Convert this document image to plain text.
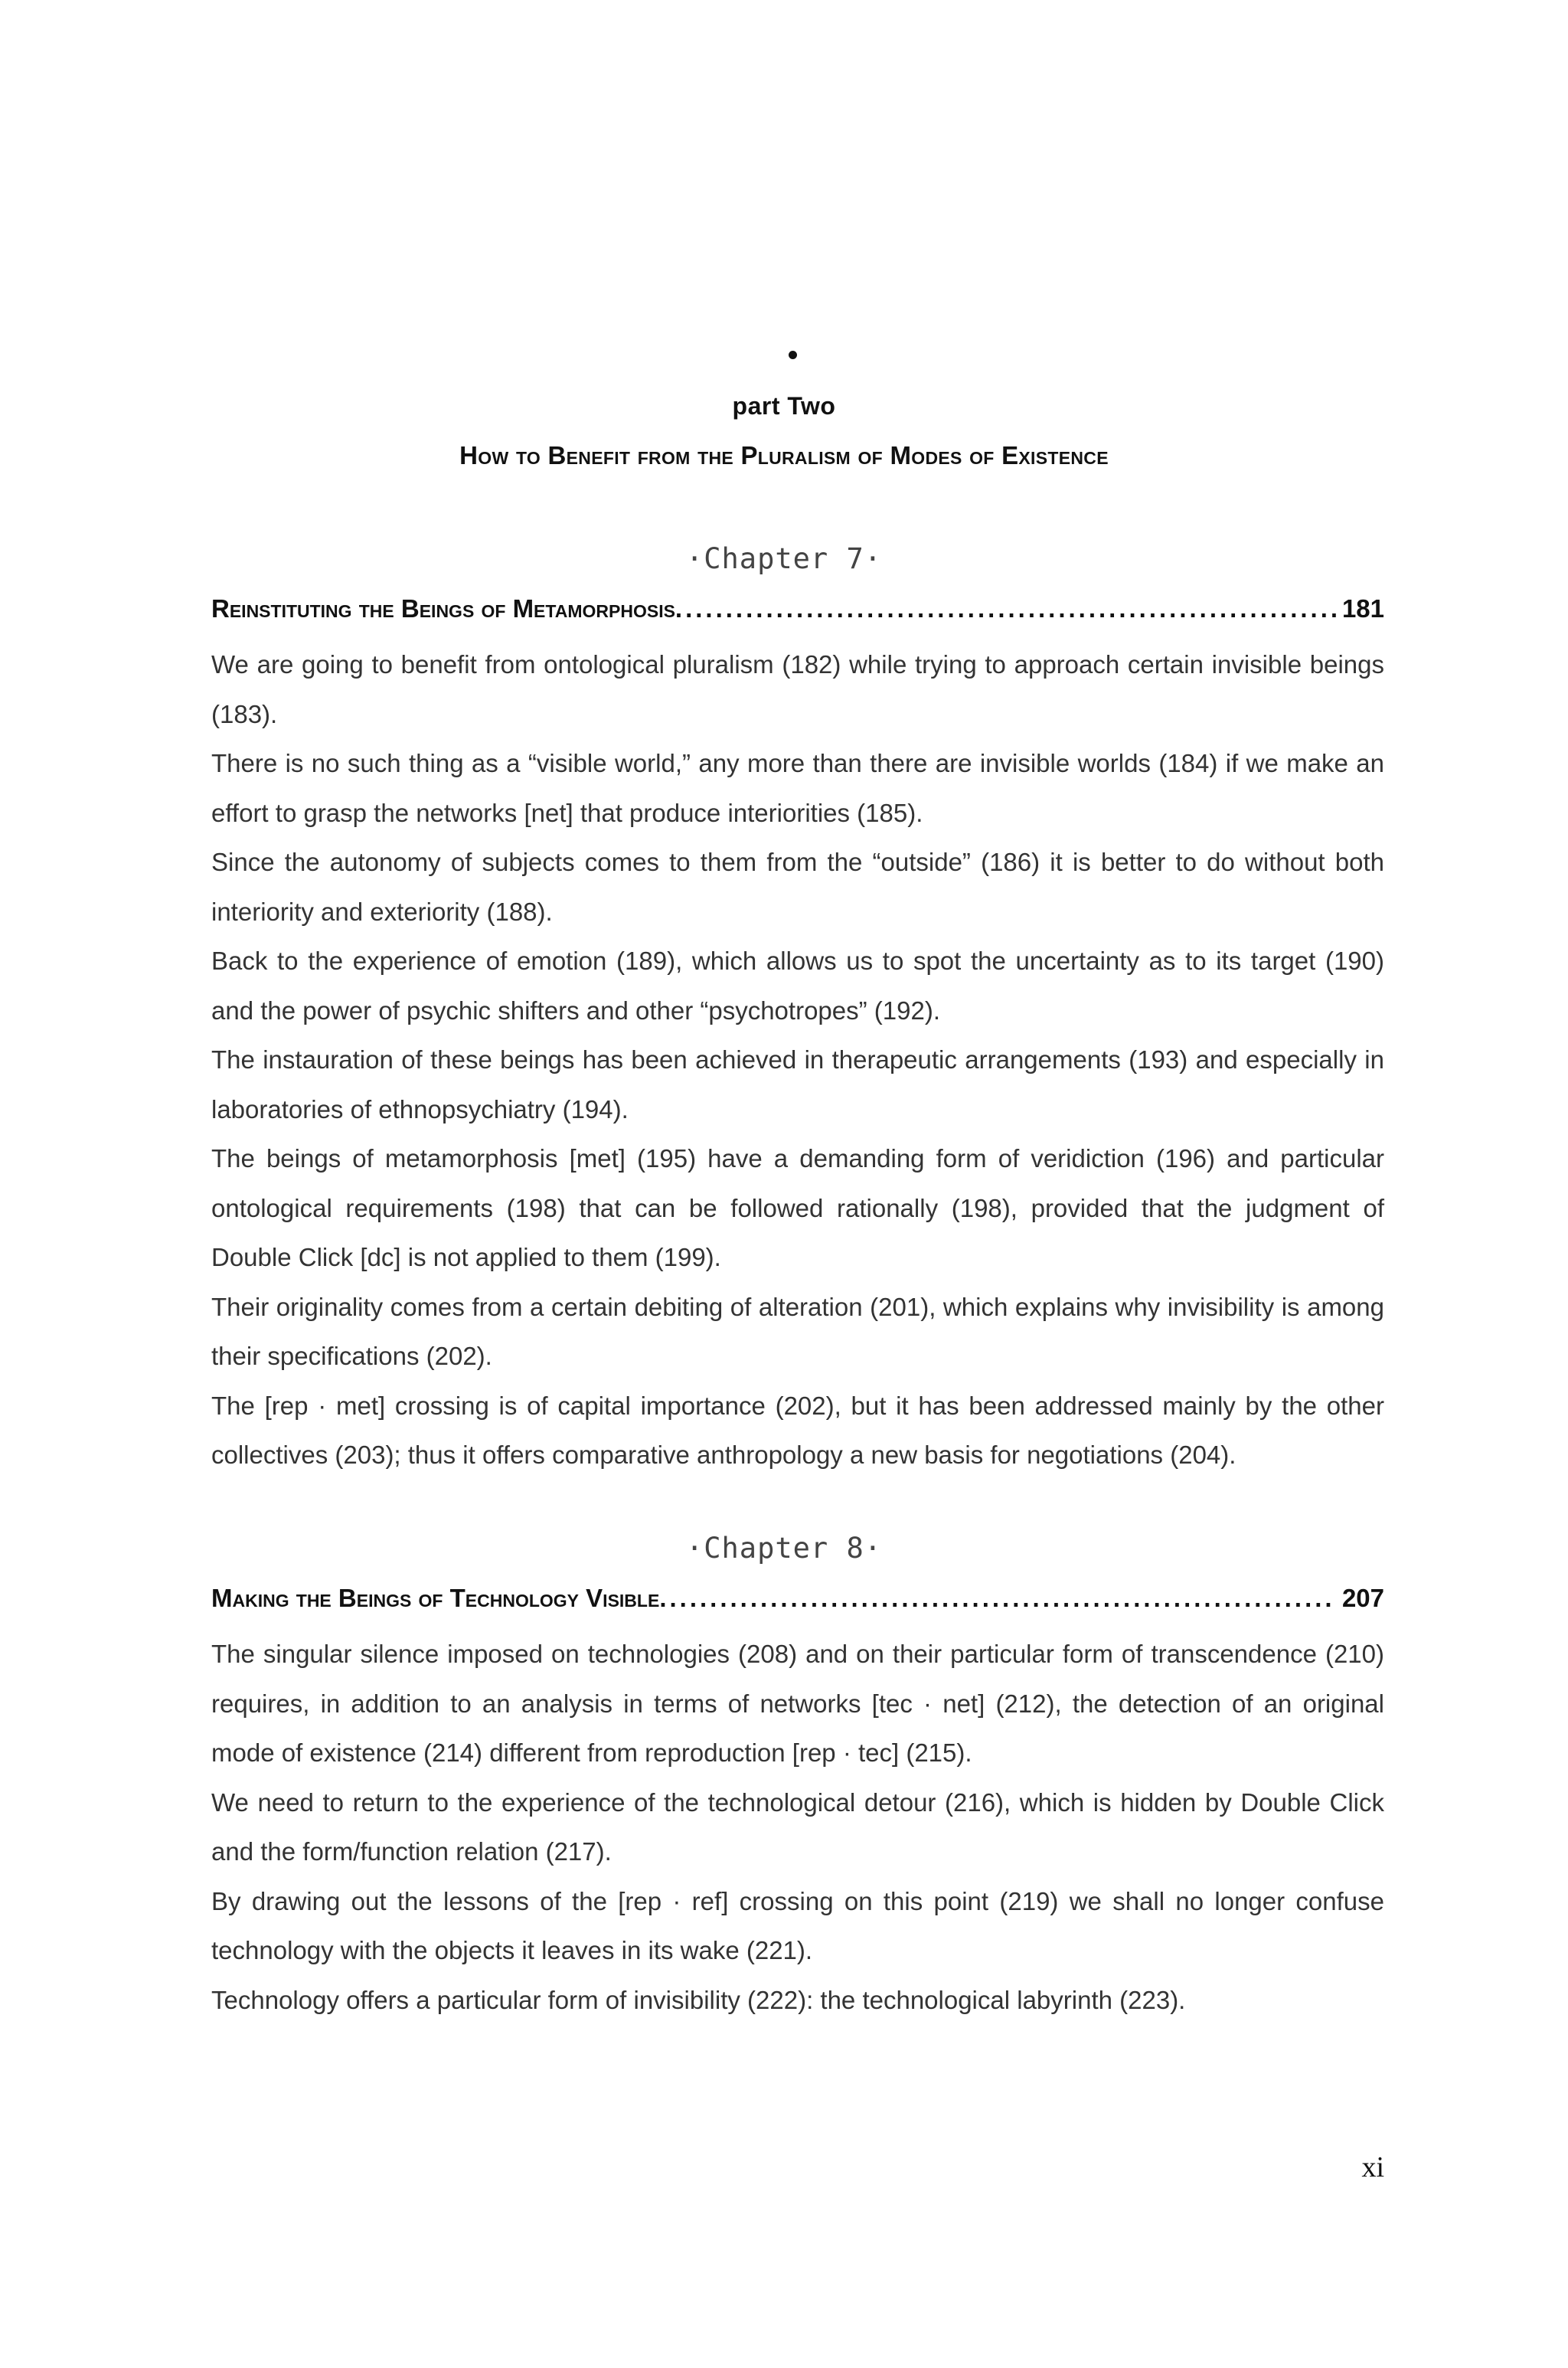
part Two
How to Benefit from the Pluralism of Modes of Existence
·Chapter 7·
Reinstituting the Beings of Metamorphosis .....	181

We are going to benefit from ontological pluralism (182) while trying to approach certain invisible beings (183).

There is no such thing as a “visible world,” any more than there are invisible worlds (184) if we make an effort to grasp the networks [net] that produce interiorities (185).

Since the autonomy of subjects comes to them from the “outside” (186) it is better to do without both interiority and exteriority (188).

Back to the experience of emotion (189), which allows us to spot the uncertainty as to its target (190) and the power of psychic shifters and other “psychotropes” (192).

The instauration of these beings has been achieved in therapeutic arrangements (193) and especially in laboratories of ethnopsychiatry (194).

The beings of metamorphosis [met] (195) have a demanding form of veridiction (196) and particular ontological requirements (198) that can be followed rationally (198), provided that the judgment of Double Click [dc] is not applied to them (199).

Their originality comes from a certain debiting of alteration (201), which explains why invisibility is among their specifications (202).

The [rep · met] crossing is of capital importance (202), but it has been addressed mainly by the other collectives (203); thus it offers comparative anthropology a new basis for negotiations (204).

·Chapter 8·
Making the Beings of Technology Visible .....	207

The singular silence imposed on technologies (208) and on their particular form of transcendence (210) requires, in addition to an analysis in terms of networks [tec · net] (212), the detection of an original mode of existence (214) different from reproduction [rep · tec] (215).

We need to return to the experience of the technological detour (216), which is hidden by Double Click and the form/function relation (217).

By drawing out the lessons of the [rep · ref] crossing on this point (219) we shall no longer confuse technology with the objects it leaves in its wake (221).

Technology offers a particular form of invisibility (222): the technological labyrinth (223).

xi
